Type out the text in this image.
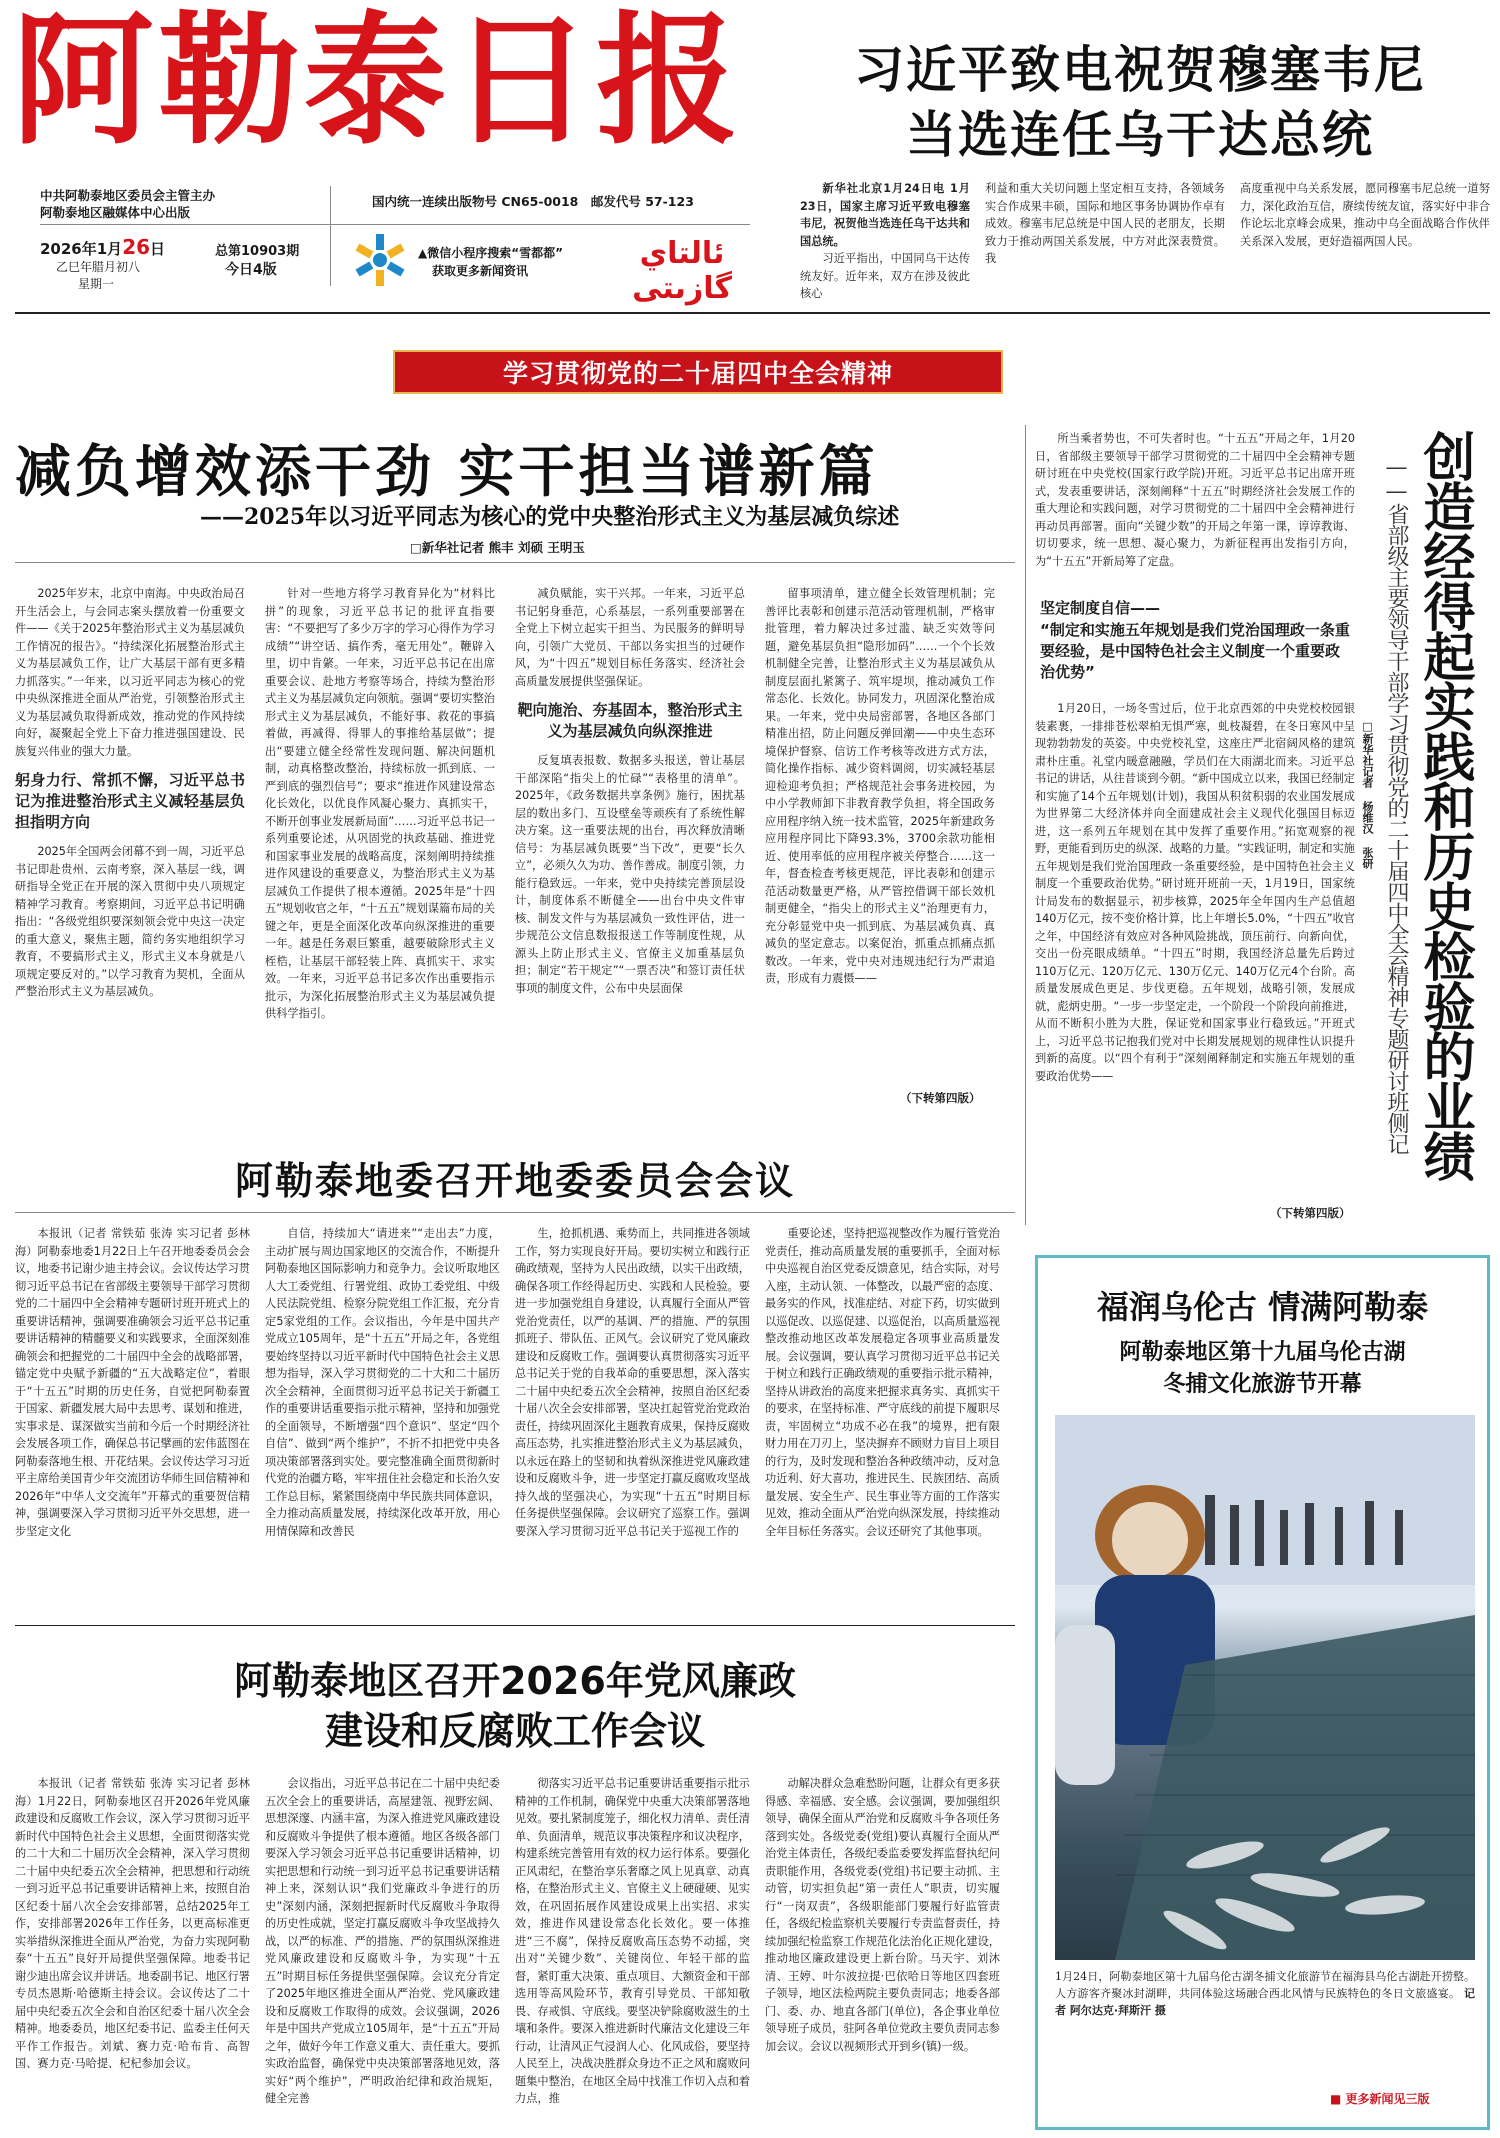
阿勒泰日报	习近平致电祝贺穆塞韦尼
当选连任乌干达总统
中共阿勒泰地区委员会主管主办
阿勒泰地区融媒体中心出版
国内统一连续出版物号 CN65-0018　邮发代号 57-123
2026年1月26日
乙巳年腊月初八
星期一
总第10903期
今日4版
▲微信小程序搜索“雪都都”
获取更多新闻资讯	ئالتاي گازىتى

新华社北京1月24日电 1月23日，国家主席习近平致电穆塞韦尼，祝贺他当选连任乌干达共和国总统。

习近平指出，中国同乌干达传统友好。近年来，双方在涉及彼此核心

利益和重大关切问题上坚定相互支持，各领域务实合作成果丰硕，国际和地区事务协调协作卓有成效。穆塞韦尼总统是中国人民的老朋友，长期致力于推动两国关系发展，中方对此深表赞赏。我

高度重视中乌关系发展，愿同穆塞韦尼总统一道努力，深化政治互信，赓续传统友谊，落实好中非合作论坛北京峰会成果，推动中乌全面战略合作伙伴关系深入发展，更好造福两国人民。

学习贯彻党的二十届四中全会精神
减负增效添干劲 实干担当谱新篇
——2025年以习近平同志为核心的党中央整治形式主义为基层减负综述
□新华社记者 熊丰 刘硕 王明玉

2025年岁末，北京中南海。中央政治局召开生活会上，与会同志案头摆放着一份重要文件——《关于2025年整治形式主义为基层减负工作情况的报告》。“持续深化拓展整治形式主义为基层减负工作，让广大基层干部有更多精力抓落实。”一年来，以习近平同志为核心的党中央纵深推进全面从严治党，引领整治形式主义为基层减负取得新成效，推动党的作风持续向好，凝聚起全党上下奋力推进强国建设、民族复兴伟业的强大力量。

躬身力行、常抓不懈，习近平总书记为推进整治形式主义减轻基层负担指明方向

2025年全国两会闭幕不到一周，习近平总书记即赴贵州、云南考察，深入基层一线，调研指导全党正在开展的深入贯彻中央八项规定精神学习教育。考察期间，习近平总书记明确指出：“各级党组织要深刻领会党中央这一决定的重大意义，聚焦主题，简约务实地组织学习教育，不要搞形式主义，形式主义本身就是八项规定要反对的。”以学习教育为契机，全面从严整治形式主义为基层减负。

针对一些地方将学习教育异化为“材料比拼”的现象，习近平总书记的批评直指要害：“不要把写了多少万字的学习心得作为学习成绩”“讲空话、搞作秀，毫无用处”。鞭辟入里，切中肯綮。一年来，习近平总书记在出席重要会议、赴地方考察等场合，持续为整治形式主义为基层减负定向领航。强调“要切实整治形式主义为基层减负，不能好事、救花的事搞着做，再减得、得罪人的事推给基层做”；提出“要建立健全经常性发现问题、解决问题机制，动真格整改整治，持续标放一抓到底、一严到底的强烈信号”；要求“推进作风建设常态化长效化，以优良作风凝心聚力、真抓实干，不断开创事业发展新局面”……习近平总书记一系列重要论述，从巩固党的执政基础、推进党和国家事业发展的战略高度，深刻阐明持续推进作风建设的重要意义，为整治形式主义为基层减负工作提供了根本遵循。2025年是“十四五”规划收官之年，“十五五”规划谋篇布局的关键之年，更是全面深化改革向纵深推进的重要一年。越是任务艰巨繁重，越要破除形式主义桎梏，让基层干部轻装上阵、真抓实干、求实效。一年来，习近平总书记多次作出重要指示批示，为深化拓展整治形式主义为基层减负提供科学指引。

减负赋能，实干兴邦。一年来，习近平总书记躬身垂范，心系基层，一系列重要部署在全党上下树立起实干担当、为民服务的鲜明导向，引领广大党员、干部以务实担当的过硬作风，为“十四五”规划目标任务落实、经济社会高质量发展提供坚强保证。

靶向施治、夯基固本，整治形式主义为基层减负向纵深推进

反复填表报数、数据多头报送，曾让基层干部深陷“指尖上的忙碌”“表格里的清单”。2025年，《政务数据共享条例》施行，困扰基层的数出多门、互设壁垒等顽疾有了系统性解决方案。这一重要法规的出台，再次释放清晰信号：为基层减负既要“当下改”，更要“长久立”，必须久久为功、善作善成。制度引领，力能行稳致远。一年来，党中央持续完善顶层设计，制度体系不断健全——出台中央文件审核、制发文件与为基层减负一致性评估，进一步规范公文信息数报报送工作等制度性规，从源头上防止形式主义、官僚主义加重基层负担；制定“若干规定”“一票否决”和签订责任状事项的制度文件，公布中央层面保

留事项清单，建立健全长效管理机制；完善评比表彰和创建示范活动管理机制，严格审批管理，着力解决过多过滥、缺乏实效等问题，避免基层负担“隐形加码”……一个个长效机制健全完善，让整治形式主义为基层减负从制度层面扎紧篱子、筑牢堤坝，推动减负工作常态化、长效化。协同发力，巩固深化整治成果。一年来，党中央局密部署，各地区各部门精准出招，防止问题反弹回潮——中央生态环境保护督察、信访工作考核等改进方式方法，简化操作指标、减少资料调阅，切实减轻基层迎检迎考负担；严格规范社会事务进校园，为中小学教师卸下非教育教学负担，将全国政务应用程序纳入统一技术监管，2025年新建政务应用程序同比下降93.3%，3700余款功能相近、使用率低的应用程序被关停整合……这一年，督查检查考核更规范，评比表彰和创建示范活动数量更严格，从严管控借调干部长效机制更健全，“指尖上的形式主义”治理更有力，充分彰显党中央一抓到底、为基层减负真、真减负的坚定意志。以案促治，抓重点抓痛点抓数改。一年来，党中央对违规违纪行为严肃追责，形成有力震慑——

（下转第四版）

所当乘者势也，不可失者时也。“十五五”开局之年，1月20日，省部级主要领导干部学习贯彻党的二十届四中全会精神专题研讨班在中央党校(国家行政学院)开班。习近平总书记出席开班式，发表重要讲话，深刻阐释“十五五”时期经济社会发展工作的重大理论和实践问题，对学习贯彻党的二十届四中全会精神进行再动员再部署。面向“关键少数”的开局之年第一课，谆谆教诲、切切要求，统一思想、凝心聚力，为新征程再出发指引方向，为“十五五”开新局筹了定盘。

坚定制度自信——
“制定和实施五年规划是我们党治国理政一条重要经验，是中国特色社会主义制度一个重要政治优势”

1月20日，一场冬雪过后，位于北京西郊的中央党校校园银装素裹，一排排苍松翠柏无惧严寒，虬枝凝碧，在冬日寒风中呈现勃勃勃发的英姿。中央党校礼堂，这座庄严北宿阔风格的建筑肃朴庄重。礼堂内暖意融融，学员们在大雨湖北而来。习近平总书记的讲话，从往昔谈到今朝。“新中国成立以来，我国已经制定和实施了14个五年规划(计划)，我国从积贫积弱的农业国发展成为世界第二大经济体并向全面建成社会主义现代化强国目标迈进，这一系列五年规划在其中发挥了重要作用。”拓宽观察的视野，更能看到历史的纵深、战略的力量。“实践证明，制定和实施五年规划是我们党治国理政一条重要经验，是中国特色社会主义制度一个重要政治优势。”研讨班开班前一天，1月19日，国家统计局发布的数据显示，初步核算，2025年全年国内生产总值超140万亿元，按不变价格计算，比上年增长5.0%，“十四五”收官之年，中国经济有效应对各种风险挑战，顶压前行、向新向优，交出一份亮眼成绩单。“十四五”时期，我国经济总量先后跨过110万亿元、120万亿元、130万亿元、140万亿元4个台阶。高质量发展成色更足、步伐更稳。五年规划，战略引领，发展成就，彪炳史册。“一步一步坚定走，一个阶段一个阶段向前推进，从而不断积小胜为大胜，保证党和国家事业行稳致远。”开班式上，习近平总书记抱我们党对中长期发展规划的规律性认识提升到新的高度。以“四个有利于”深刻阐释制定和实施五年规划的重要政治优势——

（下转第四版）
创造经得起实践和历史检验的业绩
——省部级主要领导干部学习贯彻党的二十届四中全会精神专题研讨班侧记
□新华社记者 杨维汉 张研
阿勒泰地委召开地委委员会会议

本报讯（记者 常铁茹 张涛 实习记者 彭林海）阿勒泰地委1月22日上午召开地委委员会会议，地委书记谢少迪主持会议。会议传达学习贯彻习近平总书记在省部级主要领导干部学习贯彻党的二十届四中全会精神专题研讨班开班式上的重要讲话精神，强调要准确领会习近平总书记重要讲话精神的精髓要义和实践要求，全面深刻准确领会和把握党的二十届四中全会的战略部署，锚定党中央赋予新疆的“五大战略定位”，着眼于“十五五”时期的历史任务，自觉把阿勒泰置于国家、新疆发展大局中去思考、谋划和推进，实事求是、谋深做实当前和今后一个时期经济社会发展各项工作，确保总书记擘画的宏伟蓝图在阿勒泰落地生根、开花结果。会议传达学习习近平主席给美国青少年交流团访华师生回信精神和2026年“中华人文交流年”开幕式的重要贺信精神，强调要深入学习贯彻习近平外交思想，进一步坚定文化

自信，持续加大“请进来”“走出去”力度，主动扩展与周边国家地区的交流合作，不断提升阿勒泰地区国际影响力和竞争力。会议听取地区人大工委党组、行署党组、政协工委党组、中级人民法院党组、检察分院党组工作汇报，充分肯定5家党组的工作。会议指出，今年是中国共产党成立105周年，是“十五五”开局之年，各党组要始终坚持以习近平新时代中国特色社会主义思想为指导，深入学习贯彻党的二十大和二十届历次全会精神，全面贯彻习近平总书记关于新疆工作的重要讲话重要指示批示精神，坚持和加强党的全面领导，不断增强“四个意识”、坚定“四个自信”、做到“两个维护”，不折不扣把党中央各项决策部署落到实处。要完整准确全面贯彻新时代党的治疆方略，牢牢扭住社会稳定和长治久安工作总目标，紧紧围绕南中华民族共同体意识，全力推动高质量发展，持续深化改革开放，用心用情保障和改善民

生，抢抓机遇、乘势而上，共同推进各领域工作，努力实现良好开局。要切实树立和践行正确政绩观，坚持为人民出政绩，以实干出政绩，确保各项工作经得起历史、实践和人民检验。要进一步加强党组自身建设，认真履行全面从严管党治党责任，以严的基调、严的措施、严的氛围抓班子、带队伍、正风气。会议研究了党风廉政建设和反腐败工作。强调要认真贯彻落实习近平总书记关于党的自我革命的重要思想，深入落实二十届中央纪委五次全会精神，按照自治区纪委十届八次全会安排部署，坚决扛起管党治党政治责任，持续巩固深化主题教育成果，保持反腐败高压态势，扎实推进整治形式主义为基层减负，以永远在路上的坚韧和执着纵深推进党风廉政建设和反腐败斗争，进一步坚定打赢反腐败攻坚战持久战的坚强决心，为实现“十五五”时期目标任务提供坚强保障。会议研究了巡察工作。强调要深入学习贯彻习近平总书记关于巡视工作的

重要论述，坚持把巡视整改作为履行管党治党责任，推动高质量发展的重要抓手，全面对标中央巡视自治区党委反馈意见，结合实际，对号入座，主动认领、一体整改，以最严密的态度、最务实的作风，找准症结、对症下药，切实做到以巡促改、以巡促建、以巡促治，以高质量巡视整改推动地区改革发展稳定各项事业高质量发展。会议强调，要认真学习贯彻习近平总书记关于树立和践行正确政绩观的重要指示批示精神，坚持从讲政治的高度来把握求真务实、真抓实干的要求，在坚持标准、严守底线的前提下履职尽责，牢固树立“功成不必在我”的境界，把有限财力用在刀刃上，坚决摒弃不顾财力盲目上项目的行为，及时发现和整治各种政绩冲动，反对急功近利、好大喜功，推进民生、民族团结、高质量发展、安全生产、民生事业等方面的工作落实见效，推动全面从严治党向纵深发展，持续推动全年目标任务落实。会议还研究了其他事项。

阿勒泰地区召开2026年党风廉政
建设和反腐败工作会议

本报讯（记者 常铁茹 张涛 实习记者 彭林海）1月22日，阿勒泰地区召开2026年党风廉政建设和反腐败工作会议，深入学习贯彻习近平新时代中国特色社会主义思想，全面贯彻落实党的二十大和二十届历次全会精神，深入学习贯彻二十届中央纪委五次全会精神，把思想和行动统一到习近平总书记重要讲话精神上来，按照自治区纪委十届八次全会安排部署，总结2025年工作，安排部署2026年工作任务，以更高标准更实举措纵深推进全面从严治党，为奋力实现阿勒泰“十五五”良好开局提供坚强保障。地委书记谢少迪出席会议并讲话。地委副书记、地区行署专员杰恩斯·哈德斯主持会议。会议传达了二十届中央纪委五次全会和自治区纪委十届八次全会精神。地委委员，地区纪委书记、监委主任何天平作工作报告。刘斌、赛力克·哈布肯、高智国、赛力克·马哈提、杞杞参加会议。

会议指出，习近平总书记在二十届中央纪委五次全会上的重要讲话，高屋建瓴、视野宏阔、思想深邃、内涵丰富，为深入推进党风廉政建设和反腐败斗争提供了根本遵循。地区各级各部门要深入学习领会习近平总书记重要讲话精神，切实把思想和行动统一到习近平总书记重要讲话精神上来，深刻认识“我们党廉政斗争进行的历史”深刻内涵，深刻把握新时代反腐败斗争取得的历史性成就，坚定打赢反腐败斗争攻坚战持久战，以严的标准、严的措施、严的氛围纵深推进党风廉政建设和反腐败斗争，为实现“十五五”时期目标任务提供坚强保障。会议充分肯定了2025年地区推进全面从严治党、党风廉政建设和反腐败工作取得的成效。会议强调，2026年是中国共产党成立105周年，是“十五五”开局之年，做好今年工作意义重大、责任重大。要抓实政治监督，确保党中央决策部署落地见效，落实好“两个维护”，严明政治纪律和政治规矩，健全完善

彻落实习近平总书记重要讲话重要指示批示精神的工作机制，确保党中央重大决策部署落地见效。要扎紧制度笼子，细化权力清单、责任清单、负面清单，规范议事决策程序和议决程序，构建系统完善管用有效的权力运行体系。要强化正风肃纪，在整治享乐奢靡之风上见真章、动真格，在整治形式主义、官僚主义上硬碰硬、见实效，在巩固拓展作风建设成果上出实招、求实效，推进作风建设常态化长效化。要一体推进“三不腐”，保持反腐败高压态势不动摇，突出对“关键少数”、关键岗位、年轻干部的监督，紧盯重大决策、重点项目、大额资金和干部选用等高风险环节，教育引导党员、干部知敬畏、存戒惧、守底线。要坚决铲除腐败滋生的土壤和条件。要深入推进新时代廉洁文化建设三年行动，让清风正气浸润人心、化风成俗，要坚持人民至上，决战决胜群众身边不正之风和腐败问题集中整治，在地区全局中找准工作切入点和着力点，推

动解决群众急难愁盼问题，让群众有更多获得感、幸福感、安全感。会议强调，要加强组织领导，确保全面从严治党和反腐败斗争各项任务落到实处。各级党委(党组)要认真履行全面从严治党主体责任，各级纪委监委要发挥监督执纪问责职能作用，各级党委(党组)书记要主动抓、主动管，切实担负起“第一责任人”职责，切实履行“一岗双责”，各级职能部门要履行好监管责任，各级纪检监察机关要履行专责监督责任，持续加强纪检监察工作规范化法治化正规化建设，推动地区廉政建设更上新台阶。马天宇、刘沐清、王婷、叶尔波拉提·巴依哈日等地区四套班子领导，地区法检两院主要负责同志；地委各部门、委、办、地直各部门(单位)，各企事业单位领导班子成员，驻阿各单位党政主要负责同志参加会议。会议以视频形式开到乡(镇)一级。

福润乌伦古 情满阿勒泰
阿勒泰地区第十九届乌伦古湖
冬捕文化旅游节开幕
1月24日，阿勒泰地区第十九届乌伦古湖冬捕文化旅游节在福海县乌伦古湖赴开捞整。人方游客齐聚冰封湖畔，共同体验这场融合西北风情与民族特色的冬日文旅盛宴。 记者 阿尔达克·拜斯汗 摄
■ 更多新闻见三版
